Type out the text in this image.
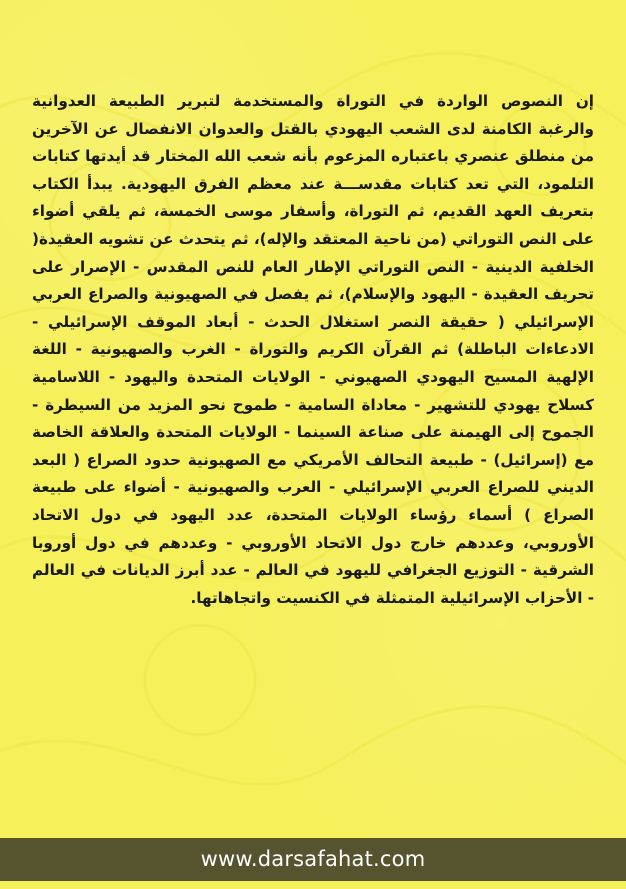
إن النصوص الواردة في التوراة والمستخدمة لتبرير الطبيعة العدوانية والرغبة الكامنة لدى الشعب اليهودي بالقتل والعدوان الانفصال عن الآخرين من منطلق عنصري باعتباره المزعوم بأنه شعب الله المختار قد أيدتها كتابات التلمود، التي تعد كتابات مقدســـة عند معظم الفرق اليهودية. يبدأ الكتاب بتعريف العهد القديم، ثم التوراة، وأسفار موسى الخمسة، ثم يلقي أضواء على النص التوراتي (من ناحية المعتقد والإله)، ثم يتحدث عن تشويه العقيدة( الخلفية الدينية - النص التوراتي الإطار العام للنص المقدس - الإصرار على تحريف العقيدة - اليهود والإسلام)، ثم يفصل في الصهيونية والصراع العربي الإسرائيلي ( حقيقة النصر استغلال الحدث - أبعاد الموقف الإسرائيلي - الادعاءات الباطلة) ثم القرآن الكريم والتوراة - الغرب والصهيونية - اللغة الإلهية المسيح اليهودي الصهيوني - الولايات المتحدة واليهود - اللاسامية كسلاح يهودي للتشهير - معاداة السامية - طموح نحو المزيد من السيطرة - الجموح إلى الهيمنة على صناعة السينما - الولايات المتحدة والعلاقة الخاصة مع (إسرائيل) - طبيعة التحالف الأمريكي مع الصهيونية حدود الصراع ( البعد الديني للصراع العربي الإسرائيلي - العرب والصهيونية - أضواء على طبيعة الصراع ) أسماء رؤساء الولايات المتحدة، عدد اليهود في دول الاتحاد الأوروبي، وعددهم خارج دول الاتحاد الأوروبي - وعددهم في دول أوروبا الشرقية - التوزيع الجغرافي لليهود في العالم - عدد أبرز الديانات في العالم - الأحزاب الإسرائيلية المتمثلة في الكنسيت واتجاهاتها.

www.darsafahat.com
